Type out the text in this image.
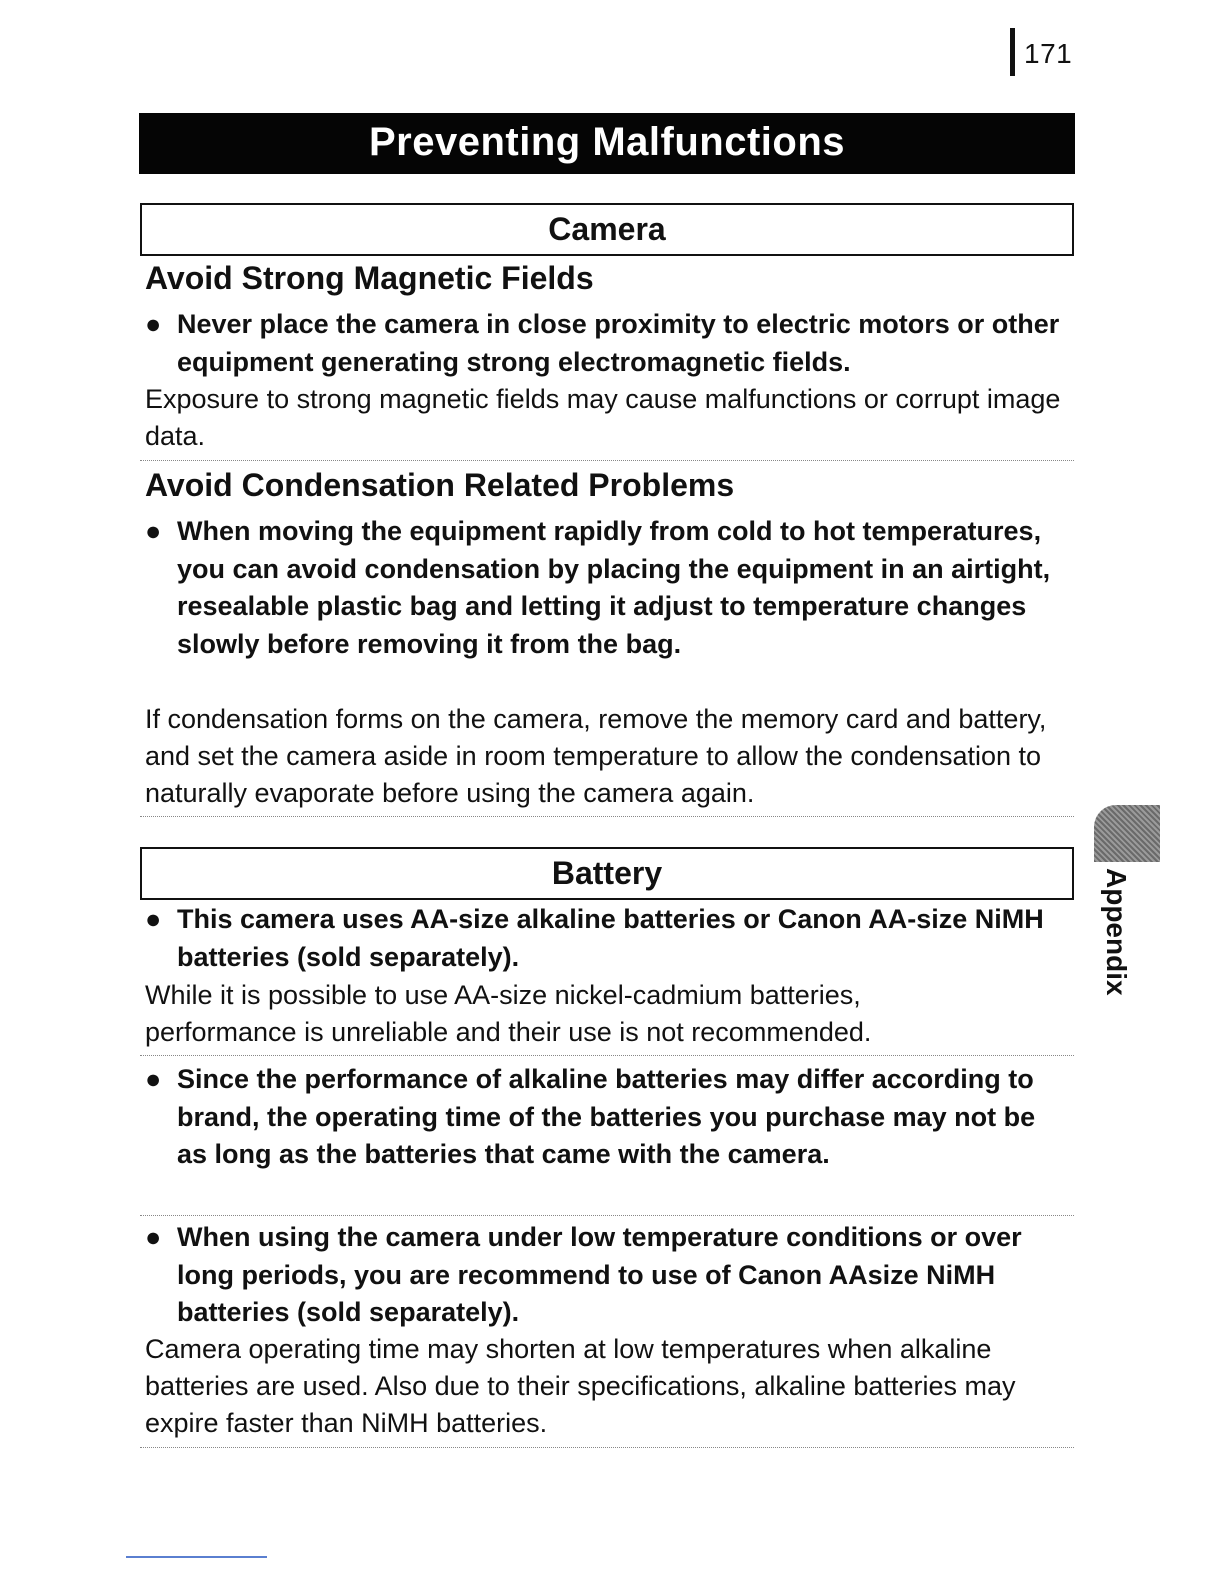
171
Preventing Malfunctions
Camera
Avoid Strong Magnetic Fields
● Never place the camera in close proximity to electric motors or other equipment generating strong electromagnetic fields.
Exposure to strong magnetic fields may cause malfunctions or corrupt image data.
Avoid Condensation Related Problems
● When moving the equipment rapidly from cold to hot temperatures, you can avoid condensation by placing the equipment in an airtight, resealable plastic bag and letting it adjust to temperature changes slowly before removing it from the bag.
If condensation forms on the camera, remove the memory card and battery, and set the camera aside in room temperature to allow the condensation to naturally evaporate before using the camera again.
Battery
● This camera uses AA-size alkaline batteries or Canon AA-size NiMH batteries (sold separately).
While it is possible to use AA-size nickel-cadmium batteries, performance is unreliable and their use is not recommended.
● Since the performance of alkaline batteries may differ according to brand, the operating time of the batteries you purchase may not be as long as the batteries that came with the camera.
● When using the camera under low temperature conditions or over long periods, you are recommend to use of Canon AAsize NiMH batteries (sold separately).
Camera operating time may shorten at low temperatures when alkaline batteries are used. Also due to their specifications, alkaline batteries may expire faster than NiMH batteries.
Appendix
